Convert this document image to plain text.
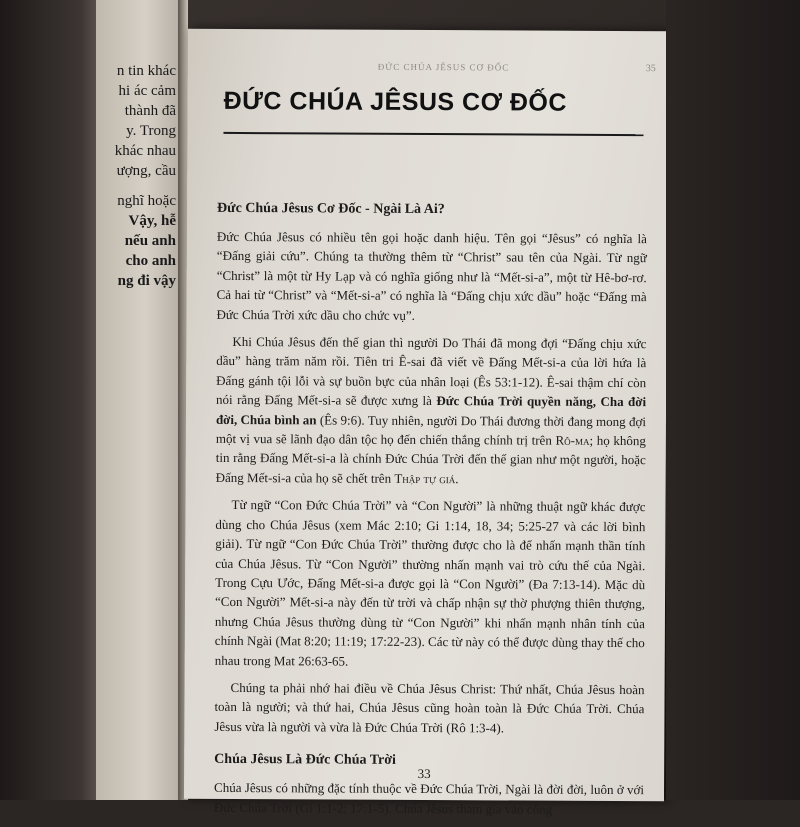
n tin khác
hi ác cảm
thành đã
y. Trong
khác nhau
ượng, cầu
nghĩ hoặc
Vậy, hễ
nếu anh
cho anh
ng đi vậy
ĐỨC CHÚA JÊSUS CƠ ĐỐC	35
ĐỨC CHÚA JÊSUS CƠ ĐỐC
Đức Chúa Jêsus Cơ Đốc - Ngài Là Ai?

Đức Chúa Jêsus có nhiều tên gọi hoặc danh hiệu. Tên gọi “Jêsus” có nghĩa là “Đấng giải cứu”. Chúng ta thường thêm từ “Christ” sau tên của Ngài. Từ ngữ “Christ” là một từ Hy Lạp và có nghĩa giống như là “Mết-si-a”, một từ Hê-bơ-rơ. Cả hai từ “Christ” và “Mết-si-a” có nghĩa là “Đấng chịu xức dầu” hoặc “Đấng mà Đức Chúa Trời xức dầu cho chức vụ”.

Khi Chúa Jêsus đến thế gian thì người Do Thái đã mong đợi “Đấng chịu xức dầu” hàng trăm năm rồi. Tiên tri Ê-sai đã viết về Đấng Mết-si-a của lời hứa là Đấng gánh tội lỗi và sự buồn bực của nhân loại (Ês 53:1-12). Ê-sai thậm chí còn nói rằng Đấng Mết-si-a sẽ được xưng là Đức Chúa Trời quyền năng, Cha đời đời, Chúa bình an (Ês 9:6). Tuy nhiên, người Do Thái đương thời đang mong đợi một vị vua sẽ lãnh đạo dân tộc họ đến chiến thắng chính trị trên Rô-ma; họ không tin rằng Đấng Mết-si-a là chính Đức Chúa Trời đến thế gian như một người, hoặc Đấng Mết-si-a của họ sẽ chết trên Thập tự giá.

Từ ngữ “Con Đức Chúa Trời” và “Con Người” là những thuật ngữ khác được dùng cho Chúa Jêsus (xem Mác 2:10; Gi 1:14, 18, 34; 5:25-27 và các lời bình giải). Từ ngữ “Con Đức Chúa Trời” thường được cho là để nhấn mạnh thần tính của Chúa Jêsus. Từ “Con Người” thường nhấn mạnh vai trò cứu thế của Ngài. Trong Cựu Ước, Đấng Mết-si-a được gọi là “Con Người” (Đa 7:13-14). Mặc dù “Con Người” Mết-si-a này đến từ trời và chấp nhận sự thờ phượng thiên thượng, nhưng Chúa Jêsus thường dùng từ “Con Người” khi nhấn mạnh nhân tính của chính Ngài (Mat 8:20; 11:19; 17:22-23). Các từ này có thể được dùng thay thế cho nhau trong Mat 26:63-65.

Chúng ta phải nhớ hai điều về Chúa Jêsus Christ: Thứ nhất, Chúa Jêsus hoàn toàn là người; và thứ hai, Chúa Jêsus cũng hoàn toàn là Đức Chúa Trời. Chúa Jêsus vừa là người và vừa là Đức Chúa Trời (Rô 1:3-4).

Chúa Jêsus Là Đức Chúa Trời

Chúa Jêsus có những đặc tính thuộc về Đức Chúa Trời, Ngài là đời đời, luôn ở với Đức Chúa Trời (Gi 1:1-2; 17:1-5). Chúa Jêsus tham gia vào công

33
